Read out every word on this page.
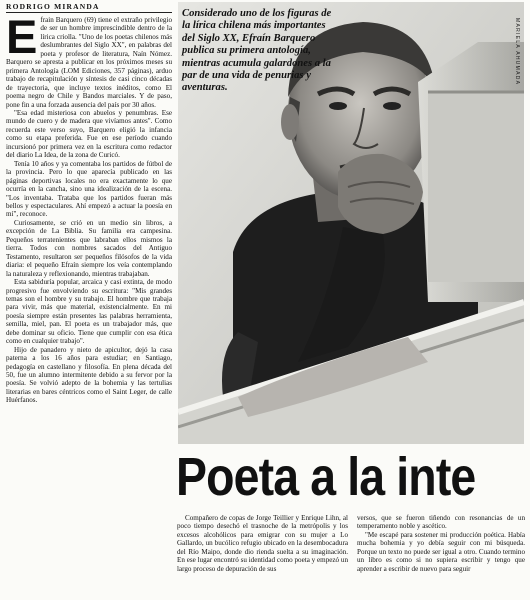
RODRIGO MIRANDA

Efrain Barquero (69) tiene el extraño privilegio de ser un hombre imprescindible dentro de la lírica criolla. "Uno de los poetas chilenos más deslumbrantes del Siglo XX", en palabras del poeta y profesor de literatura, Naín Nómez. Barquero se apresta a publicar en los próximos meses su primera Antología (LOM Ediciones, 357 páginas), arduo trabajo de recapitulación y síntesis de casi cinco décadas de trayectoria, que incluye textos inéditos, como El poema negro de Chile y Bandos marciales. Y de paso, pone fin a una forzada ausencia del país por 30 años.

"Esa edad misteriosa con abuelos y penumbras. Ese mundo de cuero y de madera que vivíamos antes". Como recuerda este verso suyo, Barquero eligió la infancia como su etapa preferida. Fue en ese período cuando incursionó por primera vez en la escritura como redactor del diario La Idea, de la zona de Curicó.

Tenía 10 años y ya comentaba los partidos de fútbol de la provincia. Pero lo que aparecía publicado en las páginas deportivas locales no era exactamente lo que ocurría en la cancha, sino una idealización de la escena. "Los inventaba. Trataba que los partidos fueran más bellos y espectaculares. Ahí empezó a actuar la poesía en mí", reconoce.

Curiosamente, se crió en un medio sin libros, a excepción de La Biblia. Su familia era campesina. Pequeños terratenientes que labraban ellos mismos la tierra. Todos con nombres sacados del Antiguo Testamento, resultaron ser pequeños filósofos de la vida diaria: el pequeño Efraín siempre los veía contemplando la naturaleza y reflexionando, mientras trabajaban.

Esta sabiduría popular, arcaica y casi extinta, de modo progresivo fue envolviendo su escritura: "Mis grandes temas son el hombre y su trabajo. El hombre que trabaja para vivir, más que material, existencialmente. En mi poesía siempre están presentes las palabras herramienta, semilla, miel, pan. El poeta es un trabajador más, que debe dominar su oficio. Tiene que cumplir con esa ética como en cualquier trabajo".

Hijo de panadero y nieto de apicultor, dejó la casa paterna a los 16 años para estudiar; en Santiago, pedagogía en castellano y filosofía. En plena década del 50, fue un alumno intermitente debido a su fervor por la poesía. Se volvió adepto de la bohemia y las tertulias literarias en bares céntricos como el Saint Leger, de calle Huérfanos.

Considerado uno de los figuras de la lírica chilena más importantes del Siglo XX, Efraín Barquero publica su primera antología, mientras acumula galardones a la par de una vida de penurias y aventuras.
MARIELA AHUMADA
Poeta a la inte

Compañero de copas de Jorge Teillier y Enrique Lihn, al poco tiempo desechó el trasnoche de la metrópolis y los excesos alcohólicos para emigrar con su mujer a Lo Gallardo, un bucólico refugio ubicado en la desembocadura del Río Maipo, donde dio rienda suelta a su imaginación. En ese lugar encontró su identidad como poeta y empezó un largo proceso de depuración de sus

versos, que se fueron tiñendo con resonancias de un temperamento noble y ascético.

"Me escapé para sostener mi producción poética. Había mucha bohemia y yo debía seguir con mi búsqueda. Porque un texto no puede ser igual a otro. Cuando termino un libro es como si no supiera escribir y tengo que aprender a escribir de nuevo para seguir
